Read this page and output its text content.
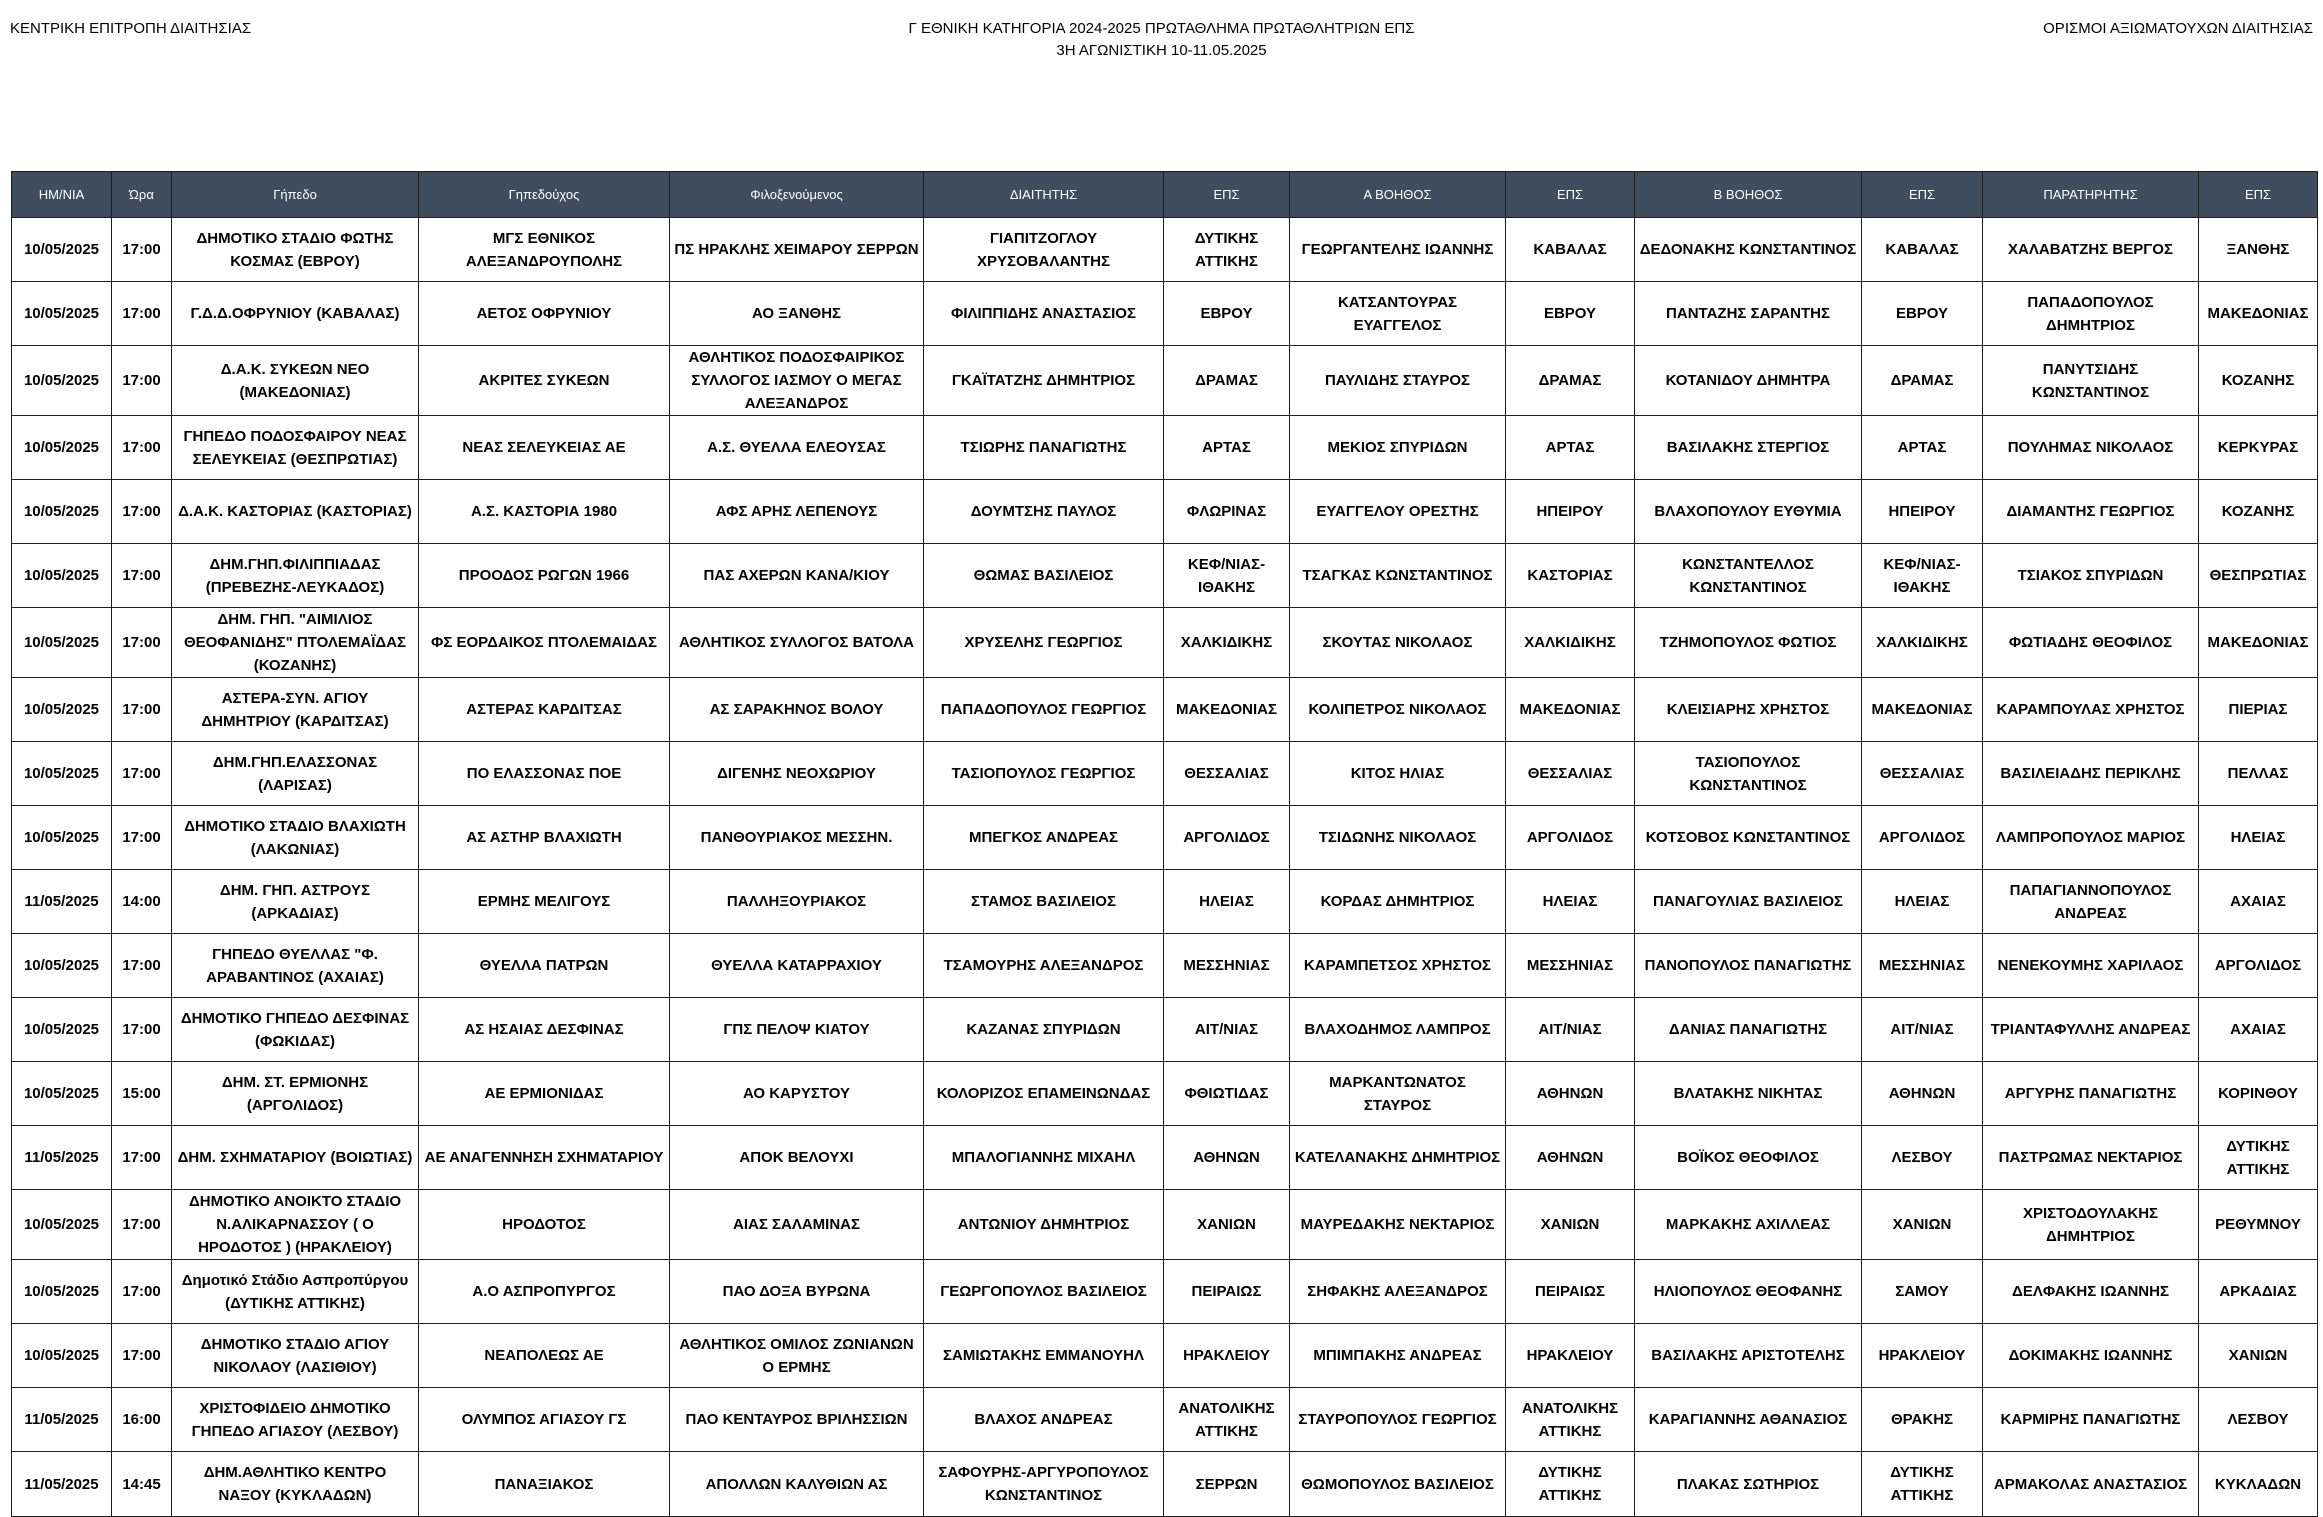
ΚΕΝΤΡΙΚΗ ΕΠΙΤΡΟΠΗ ΔΙΑΙΤΗΣΙΑΣ	Γ ΕΘΝΙΚΗ ΚΑΤΗΓΟΡΙΑ 2024-2025 ΠΡΩΤΑΘΛΗΜΑ ΠΡΩΤΑΘΛΗΤΡΙΩΝ ΕΠΣ
3Η ΑΓΩΝΙΣΤΙΚΗ 10-11.05.2025
ΟΡΙΣΜΟΙ ΑΞΙΩΜΑΤΟΥΧΩΝ ΔΙΑΙΤΗΣΙΑΣ
ΗΜ/ΝΙΑ	Ώρα	Γήπεδο	Γηπεδούχος	Φιλοξενούμενος	ΔΙΑΙΤΗΤΗΣ	ΕΠΣ	Α ΒΟΗΘΟΣ	ΕΠΣ	Β ΒΟΗΘΟΣ	ΕΠΣ	ΠΑΡΑΤΗΡΗΤΗΣ	ΕΠΣ
10/05/2025	17:00	ΔΗΜΟΤΙΚΟ ΣΤΑΔΙΟ ΦΩΤΗΣ ΚΟΣΜΑΣ (ΕΒΡΟΥ)	ΜΓΣ ΕΘΝΙΚΟΣ ΑΛΕΞΑΝΔΡΟΥΠΟΛΗΣ	ΠΣ ΗΡΑΚΛΗΣ ΧΕΙΜΑΡΟΥ ΣΕΡΡΩΝ	ΓΙΑΠΙΤΖΟΓΛΟΥ ΧΡΥΣΟΒΑΛΑΝΤΗΣ	ΔΥΤΙΚΗΣ ΑΤΤΙΚΗΣ	ΓΕΩΡΓΑΝΤΕΛΗΣ ΙΩΑΝΝΗΣ	ΚΑΒΑΛΑΣ	ΔΕΔΟΝΑΚΗΣ ΚΩΝΣΤΑΝΤΙΝΟΣ	ΚΑΒΑΛΑΣ	ΧΑΛΑΒΑΤΖΗΣ ΒΕΡΓΟΣ	ΞΑΝΘΗΣ
10/05/2025	17:00	Γ.Δ.Δ.ΟΦΡΥΝΙΟΥ (ΚΑΒΑΛΑΣ)	ΑΕΤΟΣ ΟΦΡΥΝΙΟΥ	ΑΟ ΞΑΝΘΗΣ	ΦΙΛΙΠΠΙΔΗΣ ΑΝΑΣΤΑΣΙΟΣ	ΕΒΡΟΥ	ΚΑΤΣΑΝΤΟΥΡΑΣ ΕΥΑΓΓΕΛΟΣ	ΕΒΡΟΥ	ΠΑΝΤΑΖΗΣ ΣΑΡΑΝΤΗΣ	ΕΒΡΟΥ	ΠΑΠΑΔΟΠΟΥΛΟΣ ΔΗΜΗΤΡΙΟΣ	ΜΑΚΕΔΟΝΙΑΣ
10/05/2025	17:00	Δ.Α.Κ. ΣΥΚΕΩΝ ΝΕΟ (ΜΑΚΕΔΟΝΙΑΣ)	ΑΚΡΙΤΕΣ ΣΥΚΕΩΝ	ΑΘΛΗΤΙΚΟΣ ΠΟΔΟΣΦΑΙΡΙΚΟΣ ΣΥΛΛΟΓΟΣ ΙΑΣΜΟΥ Ο ΜΕΓΑΣ ΑΛΕΞΑΝΔΡΟΣ	ΓΚΑΪΤΑΤΖΗΣ ΔΗΜΗΤΡΙΟΣ	ΔΡΑΜΑΣ	ΠΑΥΛΙΔΗΣ ΣΤΑΥΡΟΣ	ΔΡΑΜΑΣ	ΚΟΤΑΝΙΔΟΥ ΔΗΜΗΤΡΑ	ΔΡΑΜΑΣ	ΠΑΝΥΤΣΙΔΗΣ ΚΩΝΣΤΑΝΤΙΝΟΣ	ΚΟΖΑΝΗΣ
10/05/2025	17:00	ΓΗΠΕΔΟ ΠΟΔΟΣΦΑΙΡΟΥ ΝΕΑΣ ΣΕΛΕΥΚΕΙΑΣ (ΘΕΣΠΡΩΤΙΑΣ)	ΝΕΑΣ ΣΕΛΕΥΚΕΙΑΣ ΑΕ	Α.Σ. ΘΥΕΛΛΑ ΕΛΕΟΥΣΑΣ	ΤΣΙΩΡΗΣ ΠΑΝΑΓΙΩΤΗΣ	ΑΡΤΑΣ	ΜΕΚΙΟΣ ΣΠΥΡΙΔΩΝ	ΑΡΤΑΣ	ΒΑΣΙΛΑΚΗΣ ΣΤΕΡΓΙΟΣ	ΑΡΤΑΣ	ΠΟΥΛΗΜΑΣ ΝΙΚΟΛΑΟΣ	ΚΕΡΚΥΡΑΣ
10/05/2025	17:00	Δ.Α.Κ. ΚΑΣΤΟΡΙΑΣ (ΚΑΣΤΟΡΙΑΣ)	Α.Σ. ΚΑΣΤΟΡΙΑ 1980	ΑΦΣ ΑΡΗΣ ΛΕΠΕΝΟΥΣ	ΔΟΥΜΤΣΗΣ ΠΑΥΛΟΣ	ΦΛΩΡΙΝΑΣ	ΕΥΑΓΓΕΛΟΥ ΟΡΕΣΤΗΣ	ΗΠΕΙΡΟΥ	ΒΛΑΧΟΠΟΥΛΟΥ ΕΥΘΥΜΙΑ	ΗΠΕΙΡΟΥ	ΔΙΑΜΑΝΤΗΣ ΓΕΩΡΓΙΟΣ	ΚΟΖΑΝΗΣ
10/05/2025	17:00	ΔΗΜ.ΓΗΠ.ΦΙΛΙΠΠΙΑΔΑΣ (ΠΡΕΒΕΖΗΣ-ΛΕΥΚΑΔΟΣ)	ΠΡΟΟΔΟΣ ΡΩΓΩΝ 1966	ΠΑΣ ΑΧΕΡΩΝ ΚΑΝΑ/ΚΙΟΥ	ΘΩΜΑΣ ΒΑΣΙΛΕΙΟΣ	ΚΕΦ/ΝΙΑΣ-ΙΘΑΚΗΣ	ΤΣΑΓΚΑΣ ΚΩΝΣΤΑΝΤΙΝΟΣ	ΚΑΣΤΟΡΙΑΣ	ΚΩΝΣΤΑΝΤΕΛΛΟΣ ΚΩΝΣΤΑΝΤΙΝΟΣ	ΚΕΦ/ΝΙΑΣ-ΙΘΑΚΗΣ	ΤΣΙΑΚΟΣ ΣΠΥΡΙΔΩΝ	ΘΕΣΠΡΩΤΙΑΣ
10/05/2025	17:00	ΔΗΜ. ΓΗΠ. "ΑΙΜΙΛΙΟΣ ΘΕΟΦΑΝΙΔΗΣ" ΠΤΟΛΕΜΑΪΔΑΣ (ΚΟΖΑΝΗΣ)	ΦΣ ΕΟΡΔΑΙΚΟΣ ΠΤΟΛΕΜΑΙΔΑΣ	ΑΘΛΗΤΙΚΟΣ ΣΥΛΛΟΓΟΣ ΒΑΤΟΛΑ	ΧΡΥΣΕΛΗΣ ΓΕΩΡΓΙΟΣ	ΧΑΛΚΙΔΙΚΗΣ	ΣΚΟΥΤΑΣ ΝΙΚΟΛΑΟΣ	ΧΑΛΚΙΔΙΚΗΣ	ΤΖΗΜΟΠΟΥΛΟΣ ΦΩΤΙΟΣ	ΧΑΛΚΙΔΙΚΗΣ	ΦΩΤΙΑΔΗΣ ΘΕΟΦΙΛΟΣ	ΜΑΚΕΔΟΝΙΑΣ
10/05/2025	17:00	ΑΣΤΕΡΑ-ΣΥΝ. ΑΓΙΟΥ ΔΗΜΗΤΡΙΟΥ (ΚΑΡΔΙΤΣΑΣ)	ΑΣΤΕΡΑΣ ΚΑΡΔΙΤΣΑΣ	ΑΣ ΣΑΡΑΚΗΝΟΣ ΒΟΛΟΥ	ΠΑΠΑΔΟΠΟΥΛΟΣ ΓΕΩΡΓΙΟΣ	ΜΑΚΕΔΟΝΙΑΣ	ΚΟΛΙΠΕΤΡΟΣ ΝΙΚΟΛΑΟΣ	ΜΑΚΕΔΟΝΙΑΣ	ΚΛΕΙΣΙΑΡΗΣ ΧΡΗΣΤΟΣ	ΜΑΚΕΔΟΝΙΑΣ	ΚΑΡΑΜΠΟΥΛΑΣ ΧΡΗΣΤΟΣ	ΠΙΕΡΙΑΣ
10/05/2025	17:00	ΔΗΜ.ΓΗΠ.ΕΛΑΣΣΟΝΑΣ (ΛΑΡΙΣΑΣ)	ΠΟ ΕΛΑΣΣΟΝΑΣ ΠΟΕ	ΔΙΓΕΝΗΣ ΝΕΟΧΩΡΙΟΥ	ΤΑΣΙΟΠΟΥΛΟΣ ΓΕΩΡΓΙΟΣ	ΘΕΣΣΑΛΙΑΣ	ΚΙΤΟΣ ΗΛΙΑΣ	ΘΕΣΣΑΛΙΑΣ	ΤΑΣΙΟΠΟΥΛΟΣ ΚΩΝΣΤΑΝΤΙΝΟΣ	ΘΕΣΣΑΛΙΑΣ	ΒΑΣΙΛΕΙΑΔΗΣ ΠΕΡΙΚΛΗΣ	ΠΕΛΛΑΣ
10/05/2025	17:00	ΔΗΜΟΤΙΚΟ ΣΤΑΔΙΟ ΒΛΑΧΙΩΤΗ (ΛΑΚΩΝΙΑΣ)	ΑΣ ΑΣΤΗΡ ΒΛΑΧΙΩΤΗ	ΠΑΝΘΟΥΡΙΑΚΟΣ ΜΕΣΣΗΝ.	ΜΠΕΓΚΟΣ ΑΝΔΡΕΑΣ	ΑΡΓΟΛΙΔΟΣ	ΤΣΙΔΩΝΗΣ ΝΙΚΟΛΑΟΣ	ΑΡΓΟΛΙΔΟΣ	ΚΟΤΣΟΒΟΣ ΚΩΝΣΤΑΝΤΙΝΟΣ	ΑΡΓΟΛΙΔΟΣ	ΛΑΜΠΡΟΠΟΥΛΟΣ ΜΑΡΙΟΣ	ΗΛΕΙΑΣ
11/05/2025	14:00	ΔΗΜ. ΓΗΠ. ΑΣΤΡΟΥΣ (ΑΡΚΑΔΙΑΣ)	ΕΡΜΗΣ ΜΕΛΙΓΟΥΣ	ΠΑΛΛΗΞΟΥΡΙΑΚΟΣ	ΣΤΑΜΟΣ ΒΑΣΙΛΕΙΟΣ	ΗΛΕΙΑΣ	ΚΟΡΔΑΣ ΔΗΜΗΤΡΙΟΣ	ΗΛΕΙΑΣ	ΠΑΝΑΓΟΥΛΙΑΣ ΒΑΣΙΛΕΙΟΣ	ΗΛΕΙΑΣ	ΠΑΠΑΓΙΑΝΝΟΠΟΥΛΟΣ ΑΝΔΡΕΑΣ	ΑΧΑΙΑΣ
10/05/2025	17:00	ΓΗΠΕΔΟ ΘΥΕΛΛΑΣ "Φ. ΑΡΑΒΑΝΤΙΝΟΣ (ΑΧΑΙΑΣ)	ΘΥΕΛΛΑ ΠΑΤΡΩΝ	ΘΥΕΛΛΑ ΚΑΤΑΡΡΑΧΙΟΥ	ΤΣΑΜΟΥΡΗΣ ΑΛΕΞΑΝΔΡΟΣ	ΜΕΣΣΗΝΙΑΣ	ΚΑΡΑΜΠΕΤΣΟΣ ΧΡΗΣΤΟΣ	ΜΕΣΣΗΝΙΑΣ	ΠΑΝΟΠΟΥΛΟΣ ΠΑΝΑΓΙΩΤΗΣ	ΜΕΣΣΗΝΙΑΣ	ΝΕΝΕΚΟΥΜΗΣ ΧΑΡΙΛΑΟΣ	ΑΡΓΟΛΙΔΟΣ
10/05/2025	17:00	ΔΗΜΟΤΙΚΟ ΓΗΠΕΔΟ ΔΕΣΦΙΝΑΣ (ΦΩΚΙΔΑΣ)	ΑΣ ΗΣΑΙΑΣ ΔΕΣΦΙΝΑΣ	ΓΠΣ ΠΕΛΟΨ ΚΙΑΤΟΥ	ΚΑΖΑΝΑΣ ΣΠΥΡΙΔΩΝ	ΑΙΤ/ΝΙΑΣ	ΒΛΑΧΟΔΗΜΟΣ ΛΑΜΠΡΟΣ	ΑΙΤ/ΝΙΑΣ	ΔΑΝΙΑΣ ΠΑΝΑΓΙΩΤΗΣ	ΑΙΤ/ΝΙΑΣ	ΤΡΙΑΝΤΑΦΥΛΛΗΣ ΑΝΔΡΕΑΣ	ΑΧΑΙΑΣ
10/05/2025	15:00	ΔΗΜ. ΣΤ. ΕΡΜΙΟΝΗΣ (ΑΡΓΟΛΙΔΟΣ)	ΑΕ ΕΡΜΙΟΝΙΔΑΣ	ΑΟ ΚΑΡΥΣΤΟΥ	ΚΟΛΟΡΙΖΟΣ ΕΠΑΜΕΙΝΩΝΔΑΣ	ΦΘΙΩΤΙΔΑΣ	ΜΑΡΚΑΝΤΩΝΑΤΟΣ ΣΤΑΥΡΟΣ	ΑΘΗΝΩΝ	ΒΛΑΤΑΚΗΣ ΝΙΚΗΤΑΣ	ΑΘΗΝΩΝ	ΑΡΓΥΡΗΣ ΠΑΝΑΓΙΩΤΗΣ	ΚΟΡΙΝΘΟΥ
11/05/2025	17:00	ΔΗΜ. ΣΧΗΜΑΤΑΡΙΟΥ (ΒΟΙΩΤΙΑΣ)	ΑΕ ΑΝΑΓΕΝΝΗΣΗ ΣΧΗΜΑΤΑΡΙΟΥ	ΑΠΟΚ ΒΕΛΟΥΧΙ	ΜΠΑΛΟΓΙΑΝΝΗΣ ΜΙΧΑΗΛ	ΑΘΗΝΩΝ	ΚΑΤΕΛΑΝΑΚΗΣ ΔΗΜΗΤΡΙΟΣ	ΑΘΗΝΩΝ	ΒΟΪΚΟΣ ΘΕΟΦΙΛΟΣ	ΛΕΣΒΟΥ	ΠΑΣΤΡΩΜΑΣ ΝΕΚΤΑΡΙΟΣ	ΔΥΤΙΚΗΣ ΑΤΤΙΚΗΣ
10/05/2025	17:00	ΔΗΜΟΤΙΚΟ ΑΝΟΙΚΤΟ ΣΤΑΔΙΟ Ν.ΑΛΙΚΑΡΝΑΣΣΟΥ ( Ο ΗΡΟΔΟΤΟΣ ) (ΗΡΑΚΛΕΙΟΥ)	ΗΡΟΔΟΤΟΣ	ΑΙΑΣ ΣΑΛΑΜΙΝΑΣ	ΑΝΤΩΝΙΟΥ ΔΗΜΗΤΡΙΟΣ	ΧΑΝΙΩΝ	ΜΑΥΡΕΔΑΚΗΣ ΝΕΚΤΑΡΙΟΣ	ΧΑΝΙΩΝ	ΜΑΡΚΑΚΗΣ ΑΧΙΛΛΕΑΣ	ΧΑΝΙΩΝ	ΧΡΙΣΤΟΔΟΥΛΑΚΗΣ ΔΗΜΗΤΡΙΟΣ	ΡΕΘΥΜΝΟΥ
10/05/2025	17:00	Δημοτικό Στάδιο Ασπροπύργου (ΔΥΤΙΚΗΣ ΑΤΤΙΚΗΣ)	Α.Ο ΑΣΠΡΟΠΥΡΓΟΣ	ΠΑΟ ΔΟΞΑ ΒΥΡΩΝΑ	ΓΕΩΡΓΟΠΟΥΛΟΣ ΒΑΣΙΛΕΙΟΣ	ΠΕΙΡΑΙΩΣ	ΣΗΦΑΚΗΣ ΑΛΕΞΑΝΔΡΟΣ	ΠΕΙΡΑΙΩΣ	ΗΛΙΟΠΟΥΛΟΣ ΘΕΟΦΑΝΗΣ	ΣΑΜΟΥ	ΔΕΛΦΑΚΗΣ ΙΩΑΝΝΗΣ	ΑΡΚΑΔΙΑΣ
10/05/2025	17:00	ΔΗΜΟΤΙΚΟ ΣΤΑΔΙΟ ΑΓΙΟΥ ΝΙΚΟΛΑΟΥ (ΛΑΣΙΘΙΟΥ)	ΝΕΑΠΟΛΕΩΣ ΑΕ	ΑΘΛΗΤΙΚΟΣ ΟΜΙΛΟΣ ΖΩΝΙΑΝΩΝ Ο ΕΡΜΗΣ	ΣΑΜΙΩΤΑΚΗΣ ΕΜΜΑΝΟΥΗΛ	ΗΡΑΚΛΕΙΟΥ	ΜΠΙΜΠΑΚΗΣ ΑΝΔΡΕΑΣ	ΗΡΑΚΛΕΙΟΥ	ΒΑΣΙΛΑΚΗΣ ΑΡΙΣΤΟΤΕΛΗΣ	ΗΡΑΚΛΕΙΟΥ	ΔΟΚΙΜΑΚΗΣ ΙΩΑΝΝΗΣ	ΧΑΝΙΩΝ
11/05/2025	16:00	ΧΡΙΣΤΟΦΙΔΕΙΟ ΔΗΜΟΤΙΚΟ ΓΗΠΕΔΟ ΑΓΙΑΣΟΥ (ΛΕΣΒΟΥ)	ΟΛΥΜΠΟΣ ΑΓΙΑΣΟΥ ΓΣ	ΠΑΟ ΚΕΝΤΑΥΡΟΣ ΒΡΙΛΗΣΣΙΩΝ	ΒΛΑΧΟΣ ΑΝΔΡΕΑΣ	ΑΝΑΤΟΛΙΚΗΣ ΑΤΤΙΚΗΣ	ΣΤΑΥΡΟΠΟΥΛΟΣ ΓΕΩΡΓΙΟΣ	ΑΝΑΤΟΛΙΚΗΣ ΑΤΤΙΚΗΣ	ΚΑΡΑΓΙΑΝΝΗΣ ΑΘΑΝΑΣΙΟΣ	ΘΡΑΚΗΣ	ΚΑΡΜΙΡΗΣ ΠΑΝΑΓΙΩΤΗΣ	ΛΕΣΒΟΥ
11/05/2025	14:45	ΔΗΜ.ΑΘΛΗΤΙΚΟ ΚΕΝΤΡΟ ΝΑΞΟΥ (ΚΥΚΛΑΔΩΝ)	ΠΑΝΑΞΙΑΚΟΣ	ΑΠΟΛΛΩΝ ΚΑΛΥΘΙΩΝ ΑΣ	ΣΑΦΟΥΡΗΣ-ΑΡΓΥΡΟΠΟΥΛΟΣ ΚΩΝΣΤΑΝΤΙΝΟΣ	ΣΕΡΡΩΝ	ΘΩΜΟΠΟΥΛΟΣ ΒΑΣΙΛΕΙΟΣ	ΔΥΤΙΚΗΣ ΑΤΤΙΚΗΣ	ΠΛΑΚΑΣ ΣΩΤΗΡΙΟΣ	ΔΥΤΙΚΗΣ ΑΤΤΙΚΗΣ	ΑΡΜΑΚΟΛΑΣ ΑΝΑΣΤΑΣΙΟΣ	ΚΥΚΛΑΔΩΝ
